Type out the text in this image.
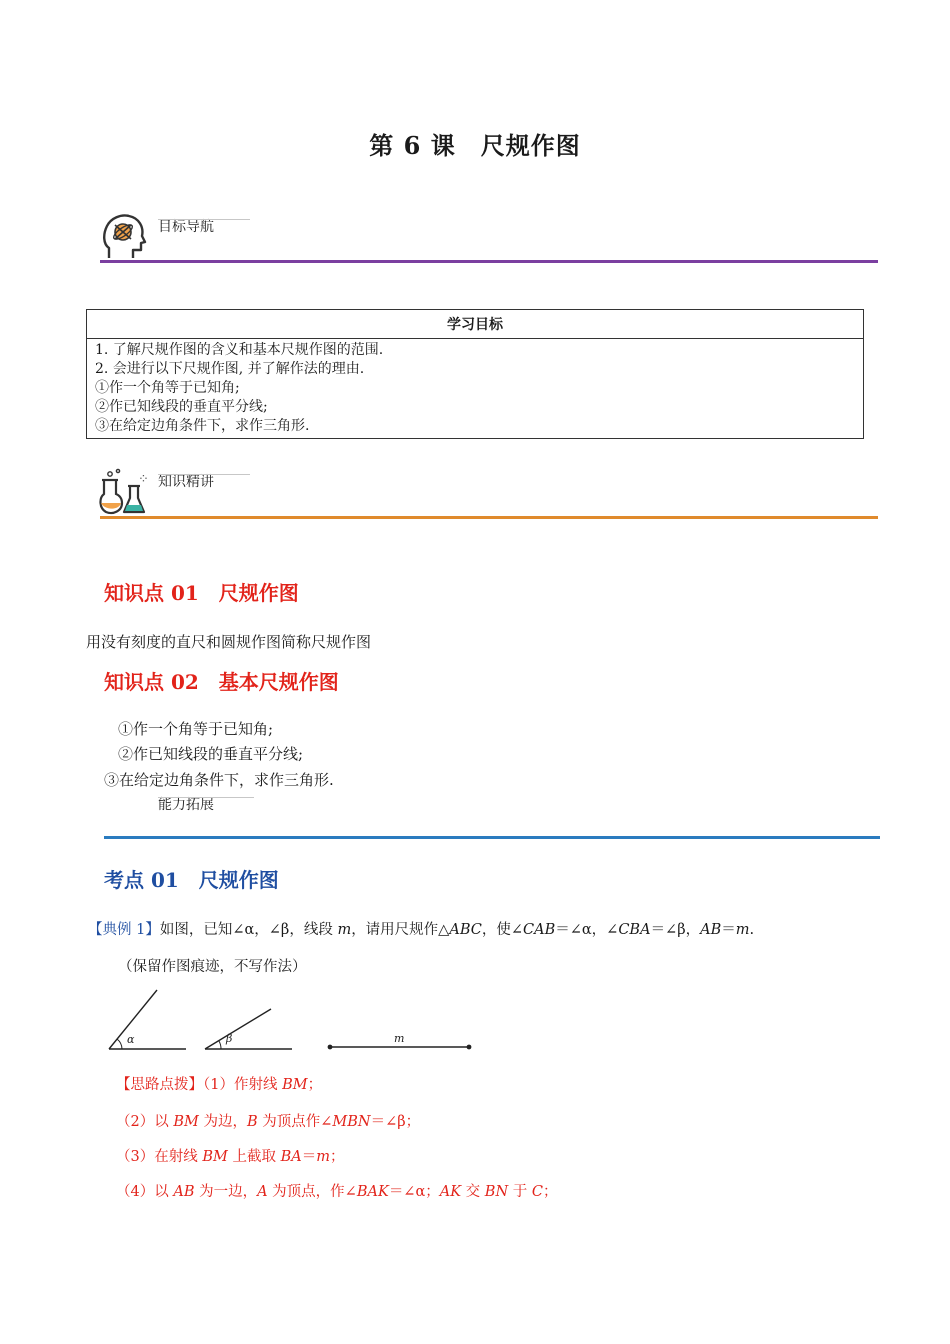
第 6 课　尺规作图
目标导航
学习目标

1. 了解尺规作图的含义和基本尺规作图的范围.
2. 会进行以下尺规作图, 并了解作法的理由.
①作一个角等于已知角;
②作已知线段的垂直平分线;
③在给定边角条件下，求作三角形.
⁘ 知识精讲
知识点 01　尺规作图
用没有刻度的直尺和圆规作图简称尺规作图
知识点 02　基本尺规作图
①作一个角等于已知角;
②作已知线段的垂直平分线;
③在给定边角条件下，求作三角形.
能力拓展
考点 01　尺规作图
【典例 1】如图，已知∠α，∠β，线段 m，请用尺规作△ABC，使∠CAB＝∠α，∠CBA＝∠β，AB＝m.
（保留作图痕迹，不写作法）
α	β	m
【思路点拨】（1）作射线 BM；
（2）以 BM 为边，B 为顶点作∠MBN＝∠β；
（3）在射线 BM 上截取 BA＝m；
（4）以 AB 为一边，A 为顶点，作∠BAK＝∠α；AK 交 BN 于 C；
